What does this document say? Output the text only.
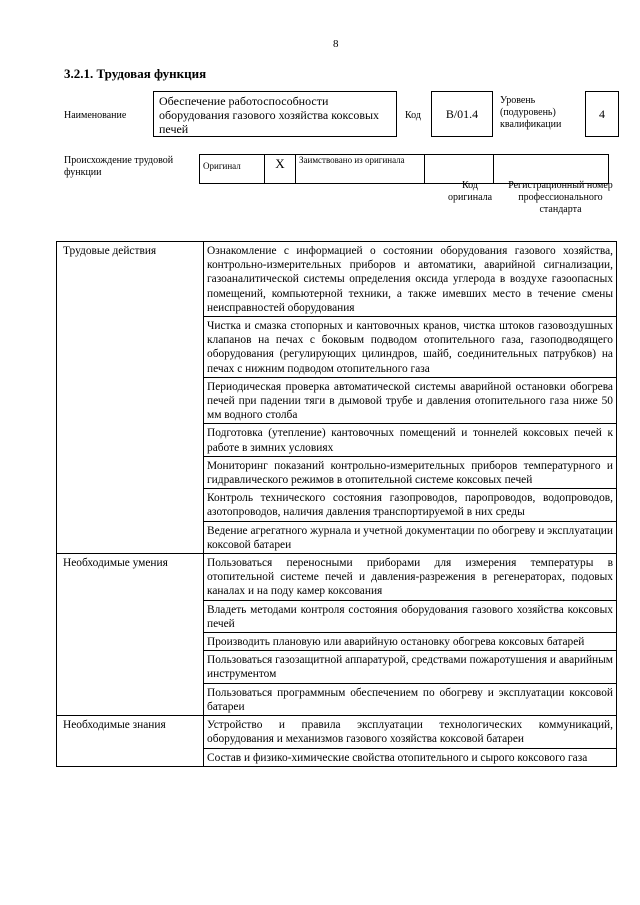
8
3.2.1. Трудовая функция
Наименование
Обеспечение работоспособности оборудования газового хозяйства коксовых печей
Код	B/01.4
Уровень (подуровень) квалификации
4
Происхождение трудовой функции
Оригинал	X	Заимствовано из оригинала		
Код оригинала
Регистрационный номер профессионального стандарта
Трудовые действия	Ознакомление с информацией о состоянии оборудования газового хозяйства, контрольно-измерительных приборов и автоматики, аварийной сигнализации, газоаналитической системы определения оксида углерода в воздухе газоопасных помещений, компьютерной техники, а также имевших место в течение смены неисправностей оборудования
	Чистка и смазка стопорных и кантовочных кранов, чистка штоков газовоздушных клапанов на печах с боковым подводом отопительного газа, газоподводящего оборудования (регулирующих цилиндров, шайб, соединительных патрубков) на печах с нижним подводом отопительного газа
	Периодическая проверка автоматической системы аварийной остановки обогрева печей при падении тяги в дымовой трубе и давления отопительного газа ниже 50 мм водного столба
	Подготовка (утепление) кантовочных помещений и тоннелей коксовых печей к работе в зимних условиях
	Мониторинг показаний контрольно-измерительных приборов температурного и гидравлического режимов в отопительной системе коксовых печей
	Контроль технического состояния газопроводов, паропроводов, водопроводов, азотопроводов, наличия давления транспортируемой в них среды
	Ведение агрегатного журнала и учетной документации по обогреву и эксплуатации коксовой батареи
Необходимые умения	Пользоваться переносными приборами для измерения температуры в отопительной системе печей и давления-разрежения в регенераторах, подовых каналах и на поду камер коксования
	Владеть методами контроля состояния оборудования газового хозяйства коксовых печей
	Производить плановую или аварийную остановку обогрева коксовых батарей
	Пользоваться газозащитной аппаратурой, средствами пожаротушения и аварийным инструментом
	Пользоваться программным обеспечением по обогреву и эксплуатации коксовой батареи
Необходимые знания	Устройство и правила эксплуатации технологических коммуникаций, оборудования и механизмов газового хозяйства коксовой батареи
	Состав и физико-химические свойства отопительного и сырого коксового газа
